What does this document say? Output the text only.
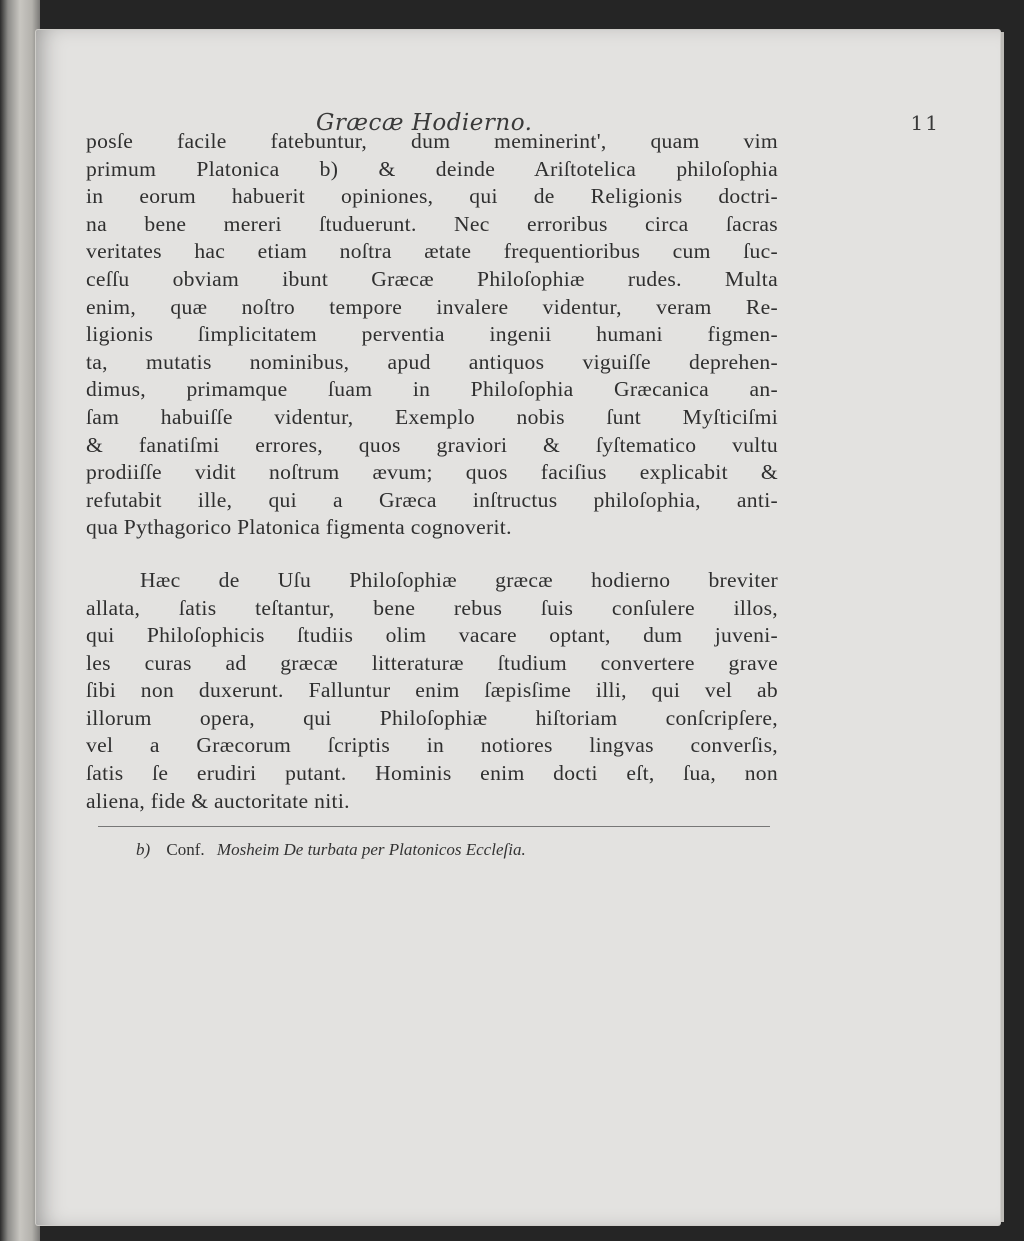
Græcæ Hodierno.	11
posſe facile fatebuntur, dum meminerint', quam vim
primum Platonica b) & deinde Ariſtotelica philoſophia
in eorum habuerit opiniones, qui de Religionis doctri-
na bene mereri ſtuduerunt. Nec erroribus circa ſacras
veritates hac etiam noſtra ætate frequentioribus cum ſuc-
ceſſu obviam ibunt Græcæ Philoſophiæ rudes. Multa
enim, quæ noſtro tempore invalere videntur, veram Re-
ligionis ſimplicitatem perventia ingenii humani figmen-
ta, mutatis nominibus, apud antiquos viguiſſe deprehen-
dimus, primamque ſuam in Philoſophia Græcanica an-
ſam habuiſſe videntur, Exemplo nobis ſunt Myſticiſmi
& fanatiſmi errores, quos graviori & ſyſtematico vultu
prodiiſſe vidit noſtrum ævum; quos faciſius explicabit &
refutabit ille, qui a Græca inſtructus philoſophia, anti-
qua Pythagorico Platonica figmenta cognoverit.
Hæc de Uſu Philoſophiæ græcæ hodierno breviter
allata, ſatis teſtantur, bene rebus ſuis conſulere illos,
qui Philoſophicis ſtudiis olim vacare optant, dum juveni-
les curas ad græcæ litteraturæ ſtudium convertere grave
ſibi non duxerunt. Falluntur enim ſæpisſime illi, qui vel ab
illorum opera, qui Philoſophiæ hiſtoriam conſcripſere,
vel a Græcorum ſcriptis in notiores lingvas converſis,
ſatis ſe erudiri putant. Hominis enim docti eſt, ſua, non
aliena, fide & auctoritate niti.
b) Conf. Mosheim De turbata per Platonicos Eccleſia.
